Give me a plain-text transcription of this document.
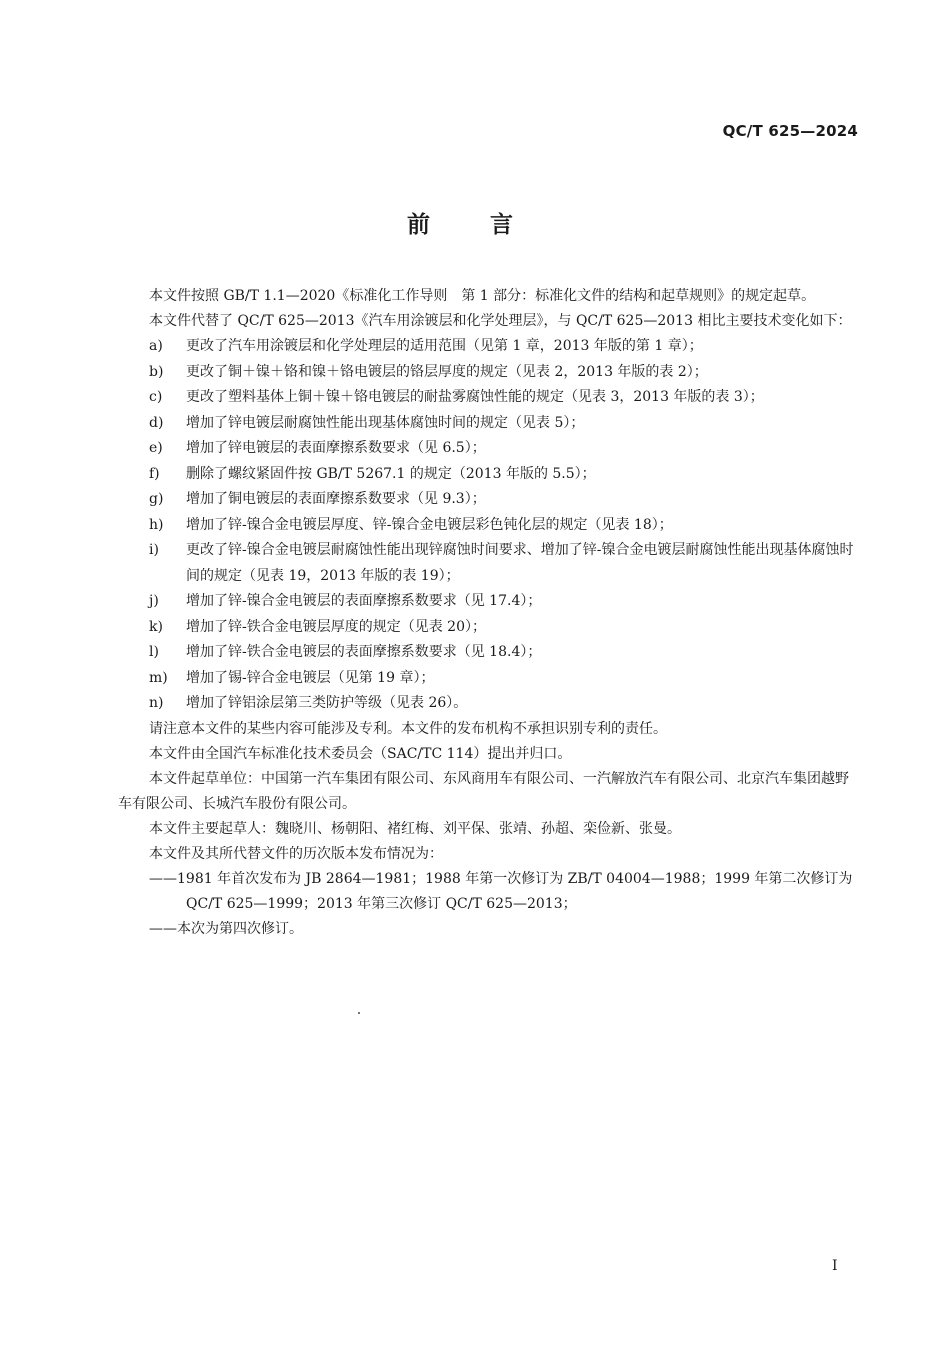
QC/T 625—2024
前言

本文件按照 GB/T 1.1—2020《标准化工作导则　第 1 部分：标准化文件的结构和起草规则》的规定起草。

本文件代替了 QC/T 625—2013《汽车用涂镀层和化学处理层》，与 QC/T 625—2013 相比主要技术变化如下：

a) 更改了汽车用涂镀层和化学处理层的适用范围（见第 1 章，2013 年版的第 1 章）；

b) 更改了铜＋镍＋铬和镍＋铬电镀层的铬层厚度的规定（见表 2，2013 年版的表 2）；

c) 更改了塑料基体上铜＋镍＋铬电镀层的耐盐雾腐蚀性能的规定（见表 3，2013 年版的表 3）；

d) 增加了锌电镀层耐腐蚀性能出现基体腐蚀时间的规定（见表 5）；

e) 增加了锌电镀层的表面摩擦系数要求（见 6.5）；

f) 删除了螺纹紧固件按 GB/T 5267.1 的规定（2013 年版的 5.5）；

g) 增加了铜电镀层的表面摩擦系数要求（见 9.3）；

h) 增加了锌-镍合金电镀层厚度、锌-镍合金电镀层彩色钝化层的规定（见表 18）；

i) 更改了锌-镍合金电镀层耐腐蚀性能出现锌腐蚀时间要求、增加了锌-镍合金电镀层耐腐蚀性能出现基体腐蚀时间的规定（见表 19，2013 年版的表 19）；

j) 增加了锌-镍合金电镀层的表面摩擦系数要求（见 17.4）；

k) 增加了锌-铁合金电镀层厚度的规定（见表 20）；

l) 增加了锌-铁合金电镀层的表面摩擦系数要求（见 18.4）；

m) 增加了锡-锌合金电镀层（见第 19 章）；

n) 增加了锌铝涂层第三类防护等级（见表 26）。

请注意本文件的某些内容可能涉及专利。本文件的发布机构不承担识别专利的责任。

本文件由全国汽车标准化技术委员会（SAC/TC 114）提出并归口。

本文件起草单位：中国第一汽车集团有限公司、东风商用车有限公司、一汽解放汽车有限公司、北京汽车集团越野车有限公司、长城汽车股份有限公司。

本文件主要起草人：魏晓川、杨朝阳、褚红梅、刘平保、张靖、孙超、栾俭新、张曼。

本文件及其所代替文件的历次版本发布情况为：

——1981 年首次发布为 JB 2864—1981；1988 年第一次修订为 ZB/T 04004—1988；1999 年第二次修订为 QC/T 625—1999；2013 年第三次修订 QC/T 625—2013；

——本次为第四次修订。

I
